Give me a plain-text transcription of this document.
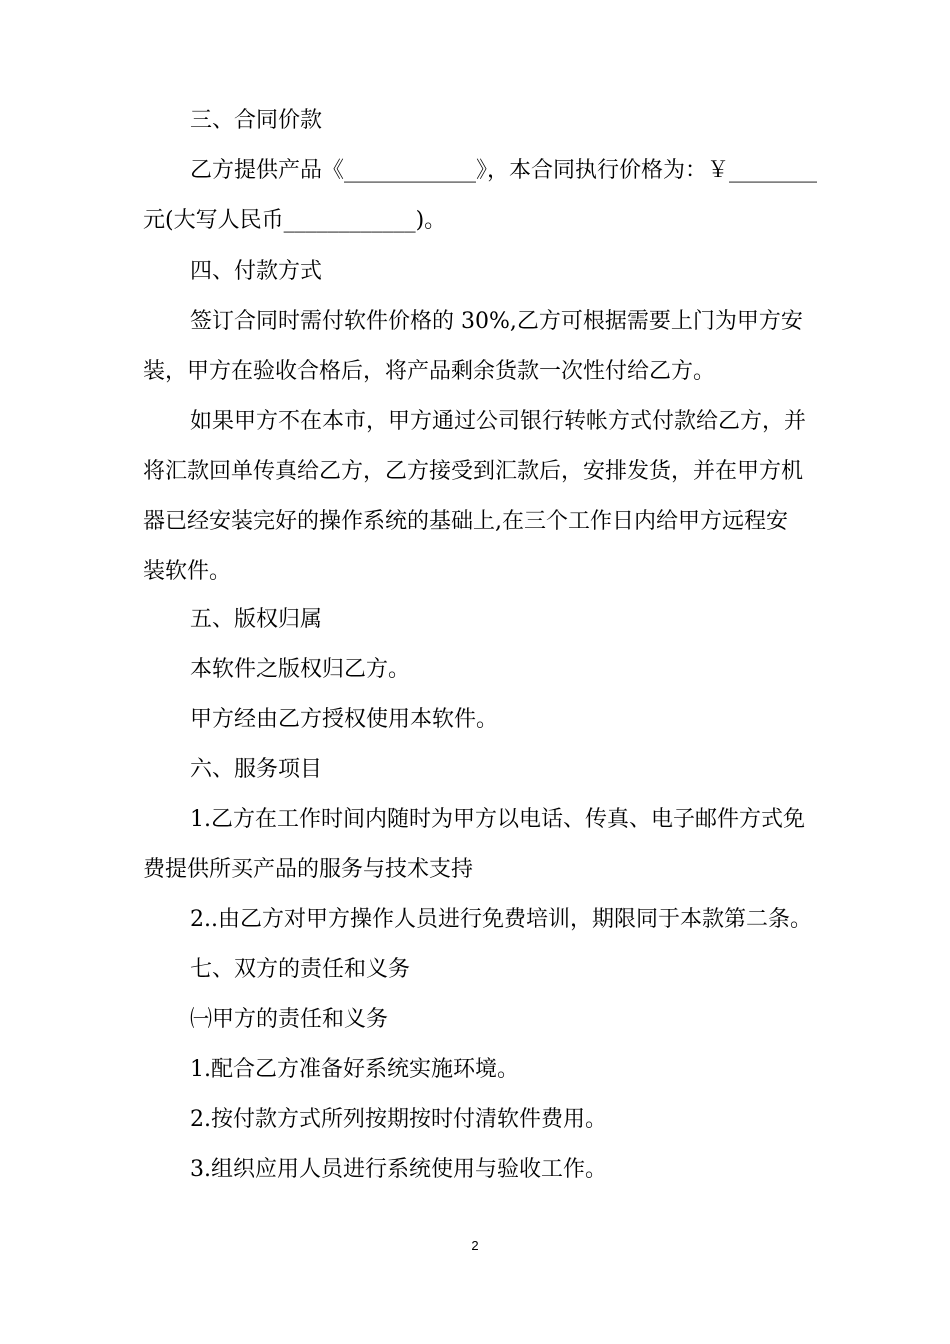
三、合同价款
乙方提供产品《____________》，本合同执行价格为：￥________
元(大写人民币____________)。
四、付款方式
签订合同时需付软件价格的 30%,乙方可根据需要上门为甲方安
装，甲方在验收合格后，将产品剩余货款一次性付给乙方。
如果甲方不在本市，甲方通过公司银行转帐方式付款给乙方，并
将汇款回单传真给乙方，乙方接受到汇款后，安排发货，并在甲方机
器已经安装完好的操作系统的基础上,在三个工作日内给甲方远程安
装软件。
五、版权归属
本软件之版权归乙方。
甲方经由乙方授权使用本软件。
六、服务项目
1.乙方在工作时间内随时为甲方以电话、传真、电子邮件方式免
费提供所买产品的服务与技术支持
2..由乙方对甲方操作人员进行免费培训，期限同于本款第二条。
七、双方的责任和义务
㈠甲方的责任和义务
1.配合乙方准备好系统实施环境。
2.按付款方式所列按期按时付清软件费用。
3.组织应用人员进行系统使用与验收工作。
2
